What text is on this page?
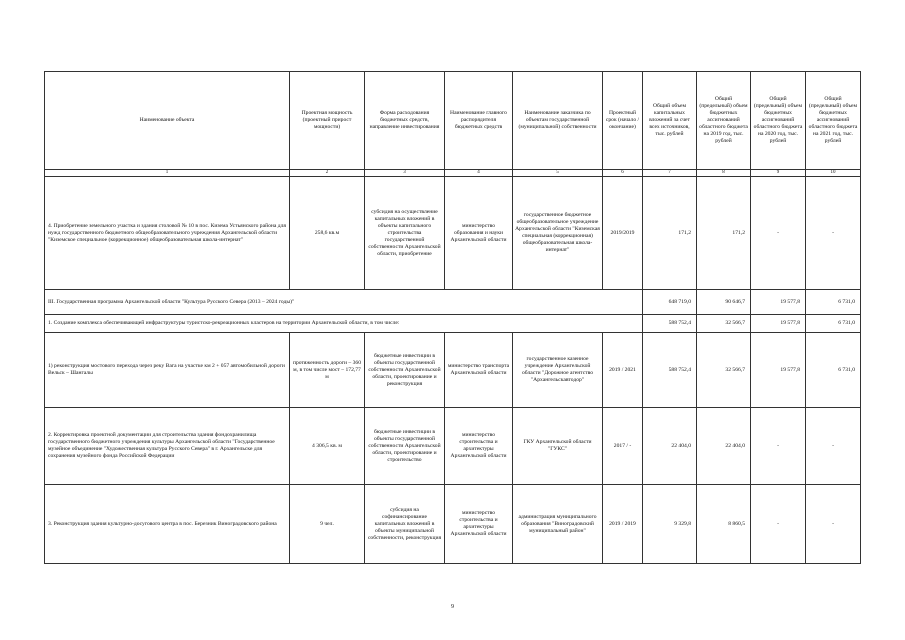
Наименование объекта	Проектная мощность (проектный прирост мощности)	Форма расходования бюджетных средств, направление инвестирования	Наименование главного распорядителя бюджетных средств	Наименование заказчика по объектам государственной (муниципальной) собственности	Проектный срок (начало / окончание)	Общий объем капитальных вложений за счет всех источников, тыс. рублей	Общий (предельный) объем бюджетных ассигнований областного бюджета на 2019 год, тыс. рублей	Общий (предельный) объем бюджетных ассигнований областного бюджета на 2020 год, тыс. рублей	Общий (предельный) объем бюджетных ассигнований областного бюджета на 2021 год, тыс. рублей
1	2	3	4	5	6	7	8	9	10
4. Приобретение земельного участка и здания столовой № 10 в пос. Кизема Устьянского района для нужд государственного бюджетного общеобразовательного учреждения Архангельской области "Киземское специальное (коррекционное) общеобразовательная школа-интернат"	258,6 кв.м	субсидия на осуществление капитальных вложений в объекты капитального строительства государственной собственности Архангельской области, приобретение	министерство образования и науки Архангельской области	государственное бюджетное общеобразовательное учреждение Архангельской области "Киземская специальная (коррекционная) общеобразовательная школа-интернат"	2019/2019	171,2	171,2	-	-
III. Государственная программа Архангельской области "Культура Русского Севера (2013 – 2024 годы)"						648 719,0	90 646,7	19 577,8	6 731,0
1. Создание комплекса обеспечивающей инфраструктуры туристско-рекреационных кластеров на территории Архангельской области, в том числе:						588 752,4	32 566,7	19 577,8	6 731,0
1) реконструкция мостового перехода через реку Вага на участке км 2 + 057 автомобильной дороги Вельск – Шангалы	протяженность дороги – 360 м, в том числе мост – 172,77 м	бюджетные инвестиции в объекты государственной собственности Архангельской области, проектирование и реконструкция	министерство транспорта Архангельской области	государственное казенное учреждение Архангельской области "Дорожное агентство "Архангельскавтодор"	2019 / 2021	588 752,4	32 566,7	19 577,8	6 731,0
2. Корректировка проектной документации для строительства здания фондохранилища государственного бюджетного учреждения культуры Архангельской области "Государственное музейное объединение "Художественная культура Русского Севера" в г. Архангельске для сохранения музейного фонда Российской Федерации	4 306,5 кв. м	бюджетные инвестиции в объекты государственной собственности Архангельской области, проектирование и строительство	министерство строительства и архитектуры Архангельской области	ГКУ Архангельской области "ГУКС"	2017 / -	22 404,0	22 404,0	-	-
3. Реконструкция здания культурно-досугового центра в пос. Березник Виноградовского района	9 чел.	субсидия на софинансирование капитальных вложений в объекты муниципальной собственности, реконструкция	министерство строительства и архитектуры Архангельской области	администрация муниципального образования "Виноградовский муниципальный район"	2019 / 2019	9 329,8	8 860,5	-	-
9
